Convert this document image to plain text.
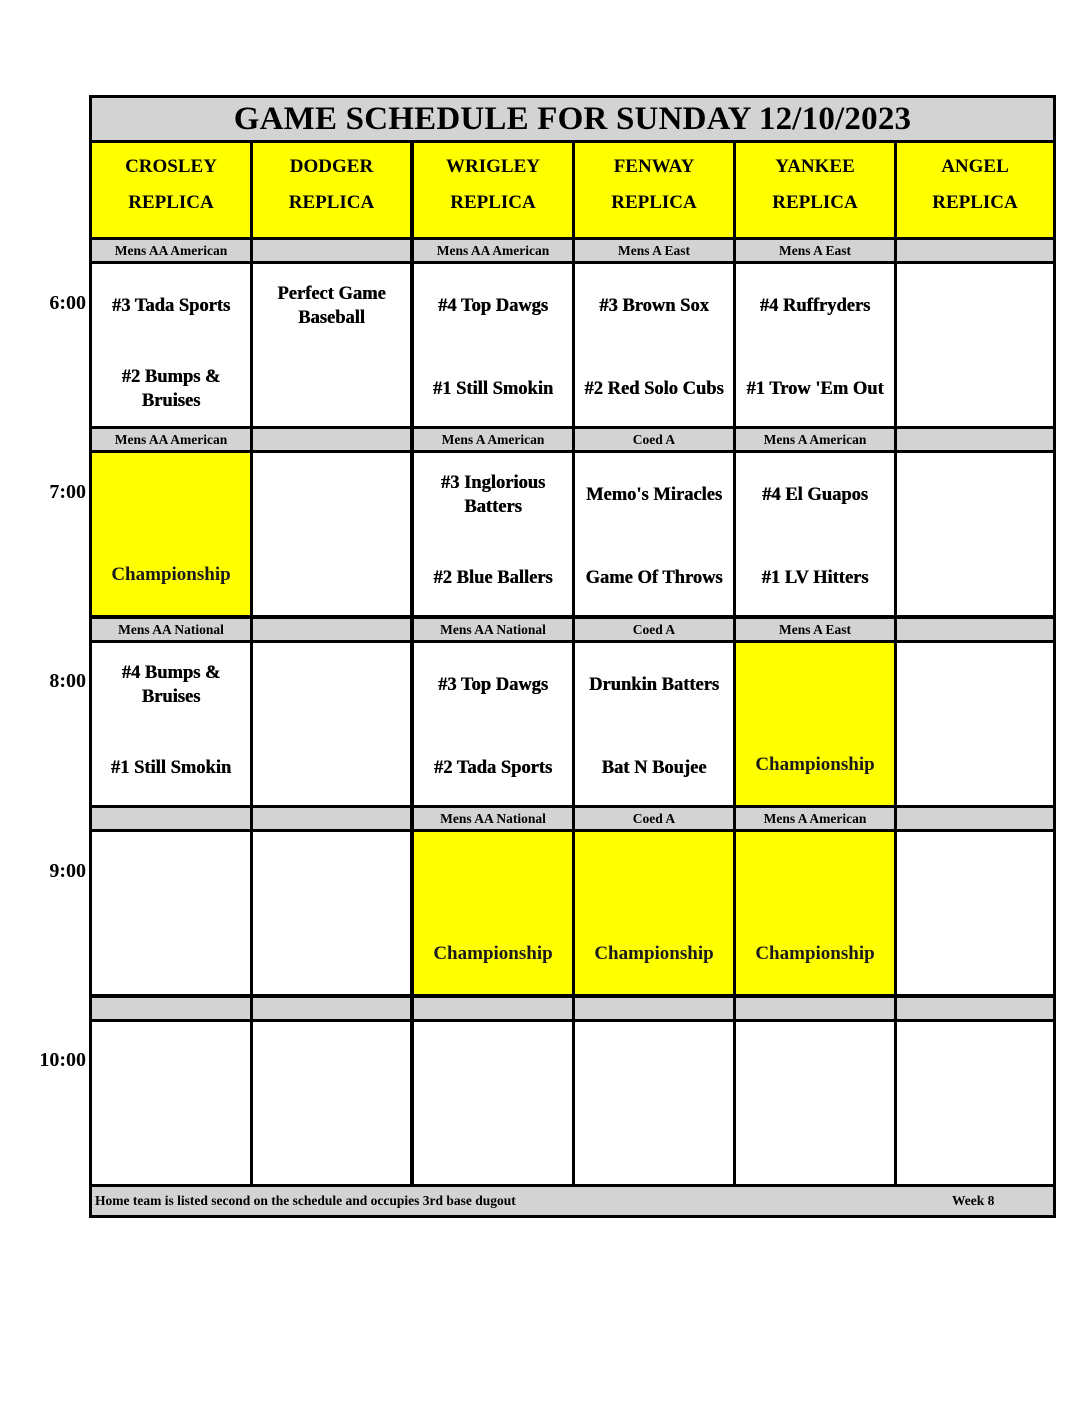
GAME SCHEDULE FOR SUNDAY 12/10/2023
Home team is listed second on the schedule and occupies 3rd base dugout	Week 8
CROSLEY
REPLICA
DODGER
REPLICA
WRIGLEY
REPLICA
FENWAY
REPLICA
YANKEE
REPLICA
ANGEL
REPLICA
Mens AA American
#3 Tada Sports
#2 Bumps & Bruises
Perfect Game Baseball
Mens AA American
#4 Top Dawgs
#1 Still Smokin
Mens A East
#3 Brown Sox
#2 Red Solo Cubs
Mens A East
#4 Ruffryders
#1 Trow 'Em Out
Mens AA American
Championship
Mens A American
#3 Inglorious Batters
#2 Blue Ballers
Coed A
Memo's Miracles
Game Of Throws
Mens A American
#4 El Guapos
#1 LV Hitters
Mens AA National
#4 Bumps & Bruises
#1 Still Smokin
Mens AA National
#3 Top Dawgs
#2 Tada Sports
Coed A
Drunkin Batters
Bat N Boujee
Mens A East
Championship
Mens AA National
Championship
Coed A
Championship
Mens A American
Championship
6:00
7:00
8:00
9:00
10:00
